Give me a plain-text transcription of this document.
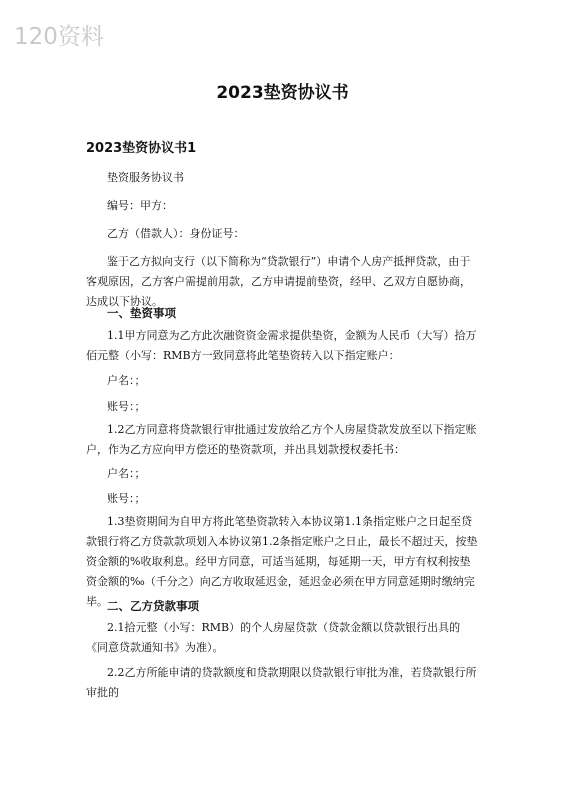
120资料
2023垫资协议书
2023垫资协议书1
垫资服务协议书
编号：甲方：
乙方（借款人）：身份证号：
鉴于乙方拟向支行（以下简称为“贷款银行”）申请个人房产抵押贷款，由于客观原因，乙方客户需提前用款，乙方申请提前垫资，经甲、乙双方自愿协商，达成以下协议。
一、垫资事项
1.1甲方同意为乙方此次融资资金需求提供垫资，金额为人民币（大写）拾万佰元整（小写：RMB方一致同意将此笔垫资转入以下指定账户：
户名：；
账号：；
1.2乙方同意将贷款银行审批通过发放给乙方个人房屋贷款发放至以下指定账户，作为乙方应向甲方偿还的垫资款项，并出具划款授权委托书：
户名：；
账号：；
1.3垫资期间为自甲方将此笔垫资款转入本协议第1.1条指定账户之日起至贷款银行将乙方贷款款项划入本协议第1.2条指定账户之日止，最长不超过天，按垫资金额的%收取利息。经甲方同意，可适当延期，每延期一天，甲方有权利按垫资金额的‰（千分之）向乙方收取延迟金，延迟金必须在甲方同意延期时缴纳完毕。 二、乙方贷款事项
2.1拾元整（小写：RMB）的个人房屋贷款（贷款金额以贷款银行出具的《同意贷款通知书》为准）。
2.2乙方所能申请的贷款额度和贷款期限以贷款银行审批为准，若贷款银行所审批的
